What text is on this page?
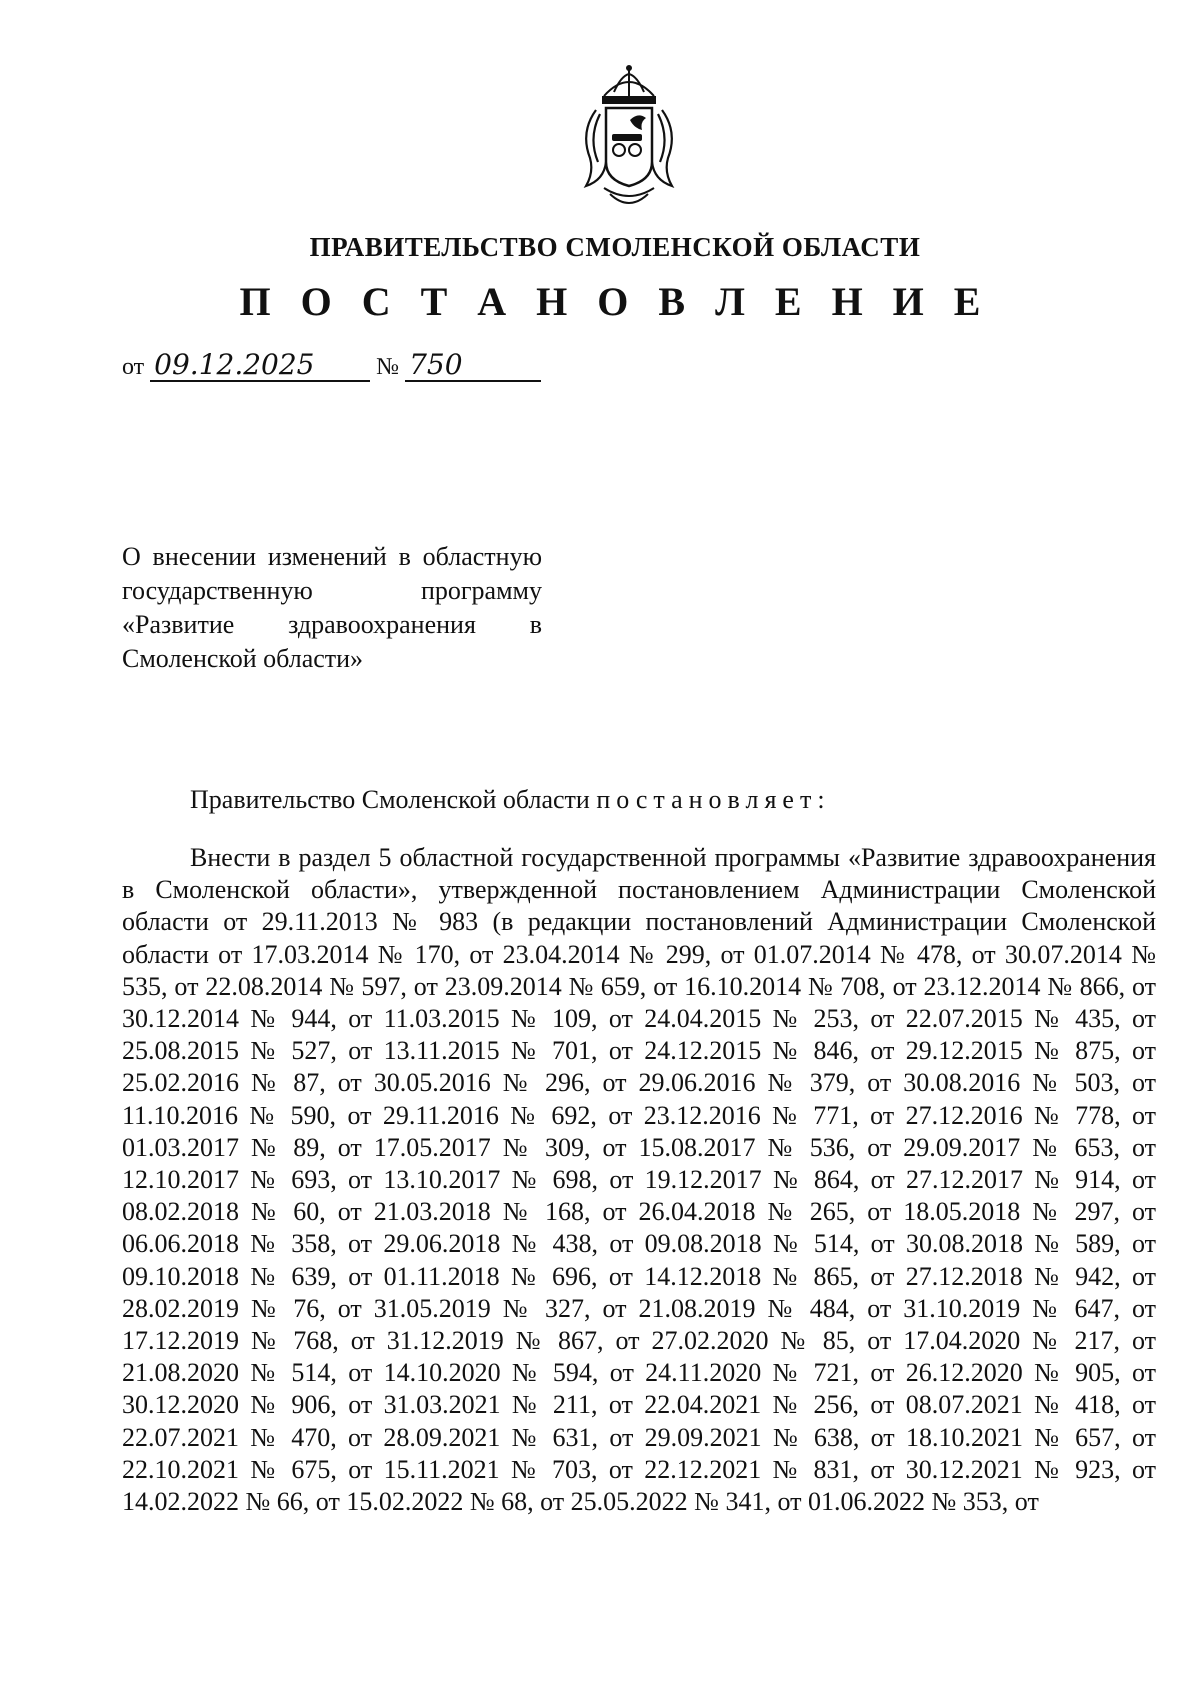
ПРАВИТЕЛЬСТВО СМОЛЕНСКОЙ ОБЛАСТИ
П О С Т А Н О В Л Е Н И Е
от 09.12.2025	№ 750
О внесении изменений в областную государственную программу «Развитие здравоохранения в Смоленской области»
Правительство Смоленской области постановляет:

Внести в раздел 5 областной государственной программы «Развитие здравоохранения в Смоленской области», утвержденной постановлением Администрации Смоленской области от 29.11.2013 № 983 (в редакции постановлений Администрации Смоленской области от 17.03.2014 № 170, от 23.04.2014 № 299, от 01.07.2014 № 478, от 30.07.2014 № 535, от 22.08.2014 № 597, от 23.09.2014 № 659, от 16.10.2014 № 708, от 23.12.2014 № 866, от 30.12.2014 № 944, от 11.03.2015 № 109, от 24.04.2015 № 253, от 22.07.2015 № 435, от 25.08.2015 № 527, от 13.11.2015 № 701, от 24.12.2015 № 846, от 29.12.2015 № 875, от 25.02.2016 № 87, от 30.05.2016 № 296, от 29.06.2016 № 379, от 30.08.2016 № 503, от 11.10.2016 № 590, от 29.11.2016 № 692, от 23.12.2016 № 771, от 27.12.2016 № 778, от 01.03.2017 № 89, от 17.05.2017 № 309, от 15.08.2017 № 536, от 29.09.2017 № 653, от 12.10.2017 № 693, от 13.10.2017 № 698, от 19.12.2017 № 864, от 27.12.2017 № 914, от 08.02.2018 № 60, от 21.03.2018 № 168, от 26.04.2018 № 265, от 18.05.2018 № 297, от 06.06.2018 № 358, от 29.06.2018 № 438, от 09.08.2018 № 514, от 30.08.2018 № 589, от 09.10.2018 № 639, от 01.11.2018 № 696, от 14.12.2018 № 865, от 27.12.2018 № 942, от 28.02.2019 № 76, от 31.05.2019 № 327, от 21.08.2019 № 484, от 31.10.2019 № 647, от 17.12.2019 № 768, от 31.12.2019 № 867, от 27.02.2020 № 85, от 17.04.2020 № 217, от 21.08.2020 № 514, от 14.10.2020 № 594, от 24.11.2020 № 721, от 26.12.2020 № 905, от 30.12.2020 № 906, от 31.03.2021 № 211, от 22.04.2021 № 256, от 08.07.2021 № 418, от 22.07.2021 № 470, от 28.09.2021 № 631, от 29.09.2021 № 638, от 18.10.2021 № 657, от 22.10.2021 № 675, от 15.11.2021 № 703, от 22.12.2021 № 831, от 30.12.2021 № 923, от 14.02.2022 № 66, от 15.02.2022 № 68, от 25.05.2022 № 341, от 01.06.2022 № 353, от
